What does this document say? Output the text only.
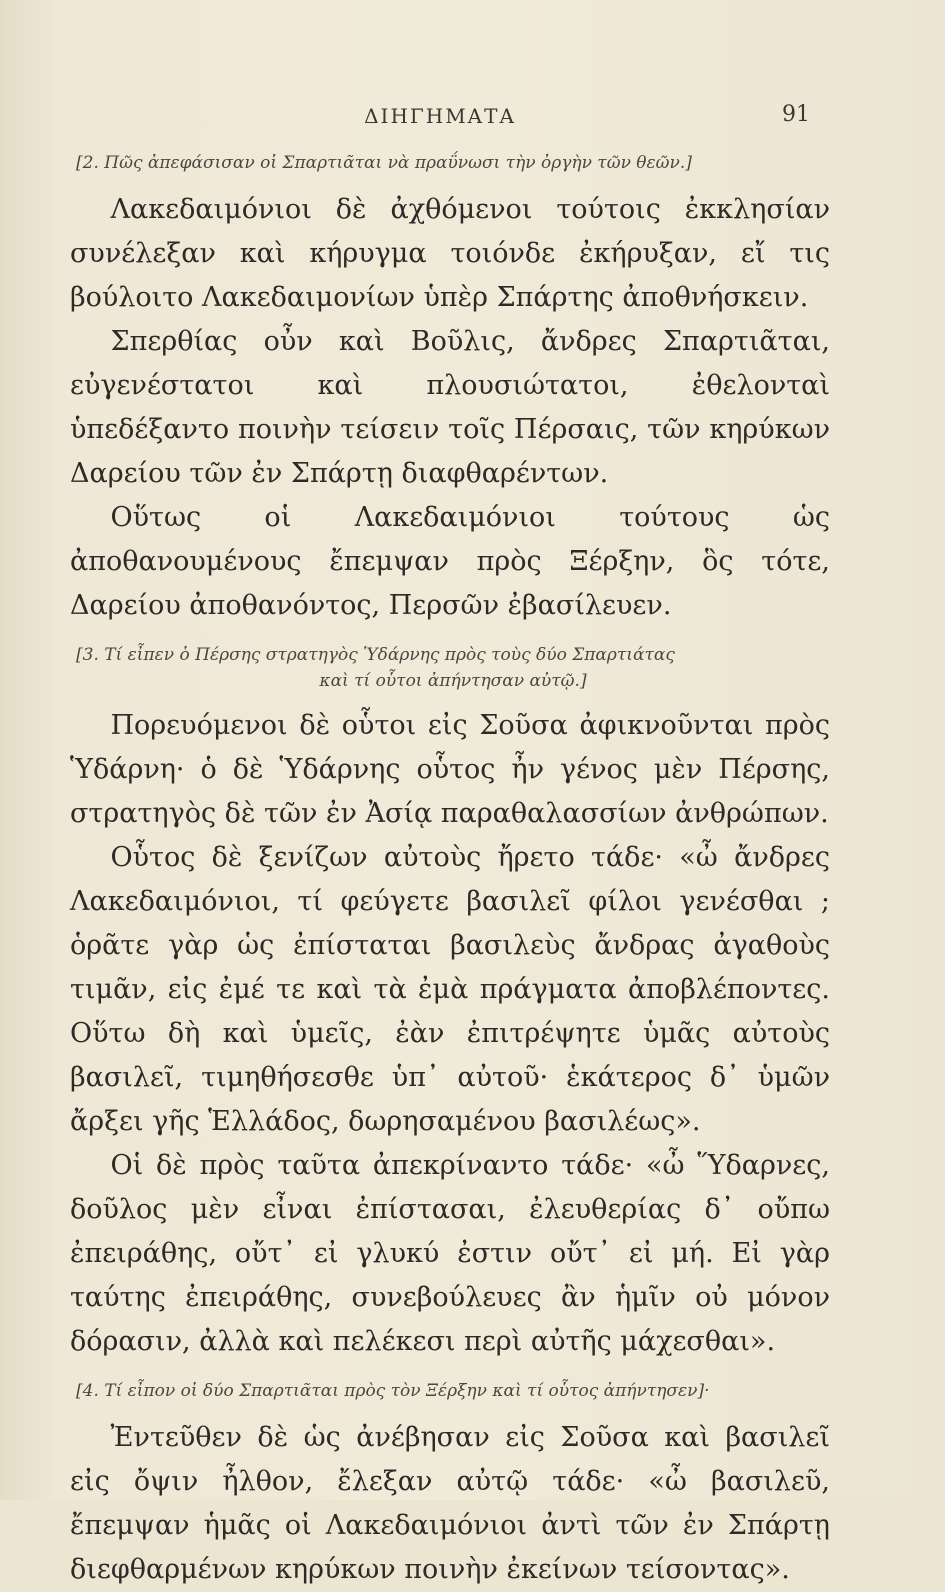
ΔΙΗΓΗΜΑΤΑ	91
[2. Πῶς ἀπεφάσισαν οἱ Σπαρτιᾶται νὰ πραΰνωσι τὴν ὀργὴν τῶν θεῶν.]

Λακεδαιμόνιοι δὲ ἀχθόμενοι τούτοις ἐκκλησίαν συνέλεξαν καὶ κήρυγμα τοιόνδε ἐκήρυξαν, εἴ τις βούλοιτο Λακεδαιμονίων ὑπὲρ Σπάρτης ἀποθνήσκειν.

Σπερθίας οὖν καὶ Βοῦλις, ἄνδρες Σπαρτιᾶται, εὐγενέστατοι καὶ πλουσιώτατοι, ἐθελονταὶ ὑπεδέξαντο ποινὴν τείσειν τοῖς Πέρσαις, τῶν κηρύκων Δαρείου τῶν ἐν Σπάρτῃ διαφθαρέντων.

Οὕτως οἱ Λακεδαιμόνιοι τούτους ὡς ἀποθανουμένους ἔπεμψαν πρὸς Ξέρξην, ὃς τότε, Δαρείου ἀποθανόντος, Περσῶν ἐβασίλευεν.

[3. Τί εἶπεν ὁ Πέρσης στρατηγὸς Ὑδάρνης πρὸς τοὺς δύο Σπαρτιάτας
καὶ τί οὗτοι ἀπήντησαν αὐτῷ.]

Πορευόμενοι δὲ οὗτοι εἰς Σοῦσα ἀφικνοῦνται πρὸς Ὑδάρνη· ὁ δὲ Ὑδάρνης οὗτος ἦν γένος μὲν Πέρσης, στρατηγὸς δὲ τῶν ἐν Ἀσίᾳ παραθαλασσίων ἀνθρώπων.

Οὗτος δὲ ξενίζων αὐτοὺς ἤρετο τάδε· «ὦ ἄνδρες Λακεδαιμόνιοι, τί φεύγετε βασιλεῖ φίλοι γενέσθαι ; ὁρᾶτε γὰρ ὡς ἐπίσταται βασιλεὺς ἄνδρας ἀγαθοὺς τιμᾶν, εἰς ἐμέ τε καὶ τὰ ἐμὰ πράγματα ἀποβλέποντες. Οὕτω δὴ καὶ ὑμεῖς, ἐὰν ἐπιτρέψητε ὑμᾶς αὐτοὺς βασιλεῖ, τιμηθήσεσθε ὑπ᾿ αὐτοῦ· ἑκάτερος δ᾿ ὑμῶν ἄρξει γῆς Ἑλλάδος, δωρησαμένου βασιλέως».

Οἱ δὲ πρὸς ταῦτα ἀπεκρίναντο τάδε· «ὦ Ὕδαρνες, δοῦλος μὲν εἶναι ἐπίστασαι, ἐλευθερίας δ᾿ οὔπω ἐπειράθης, οὔτ᾿ εἰ γλυκύ ἐστιν οὔτ᾿ εἰ μή. Εἰ γὰρ ταύτης ἐπειράθης, συνεβούλευες ἂν ἡμῖν οὐ μόνον δόρασιν, ἀλλὰ καὶ πελέκεσι περὶ αὐτῆς μάχεσθαι».

[4. Τί εἶπον οἱ δύο Σπαρτιᾶται πρὸς τὸν Ξέρξην καὶ τί οὗτος ἀπήντησεν]·

Ἐντεῦθεν δὲ ὡς ἀνέβησαν εἰς Σοῦσα καὶ βασιλεῖ εἰς ὄψιν ἦλθον, ἔλεξαν αὐτῷ τάδε· «ὦ βασιλεῦ, ἔπεμψαν ἡμᾶς οἱ Λακεδαιμόνιοι ἀντὶ τῶν ἐν Σπάρτῃ διεφθαρμένων κηρύκων ποινὴν ἐκείνων τείσοντας».
